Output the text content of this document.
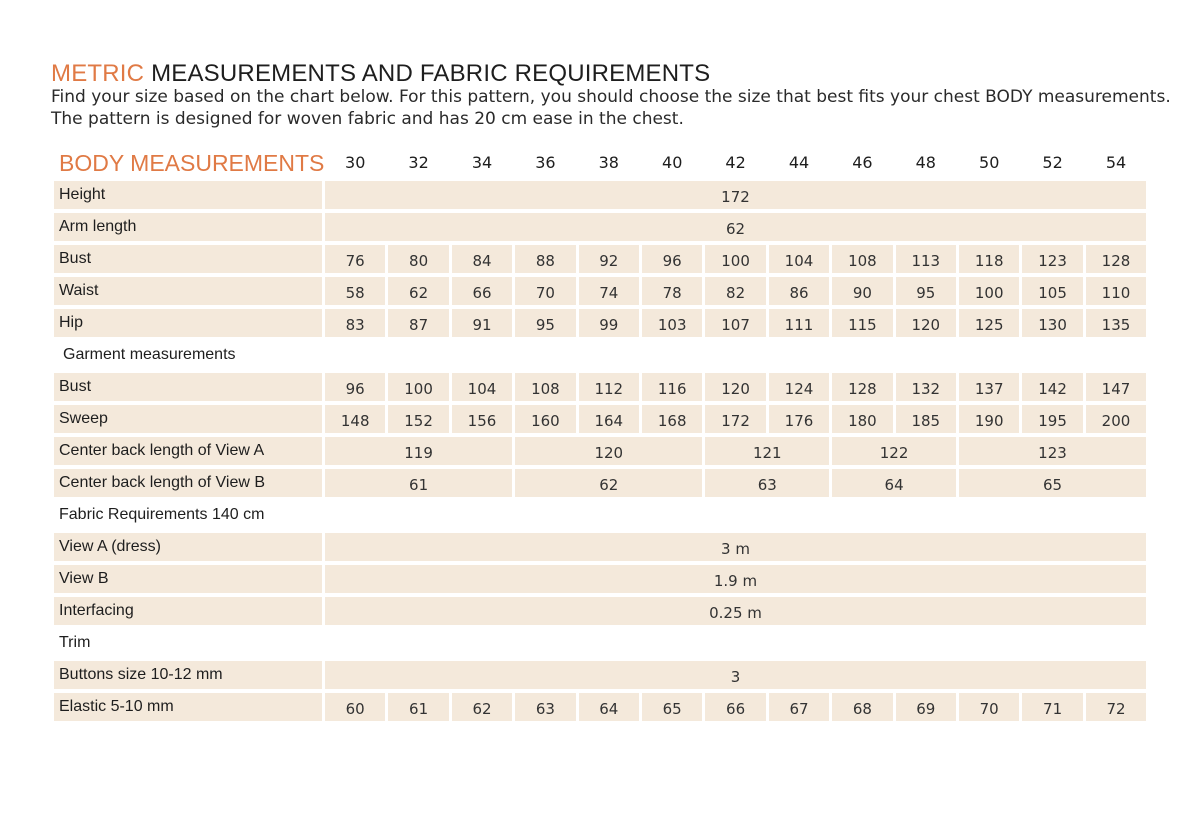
METRIC MEASUREMENTS AND FABRIC REQUIREMENTS
Find your size based on the chart below. For this pattern, you should choose the size that best fits your chest BODY measurements.
The pattern is designed for woven fabric and has 20 cm ease in the chest.
BODY MEASUREMENTS	30	32	34	36	38	40	42	44	46	48	50	52	54
Height	172
Arm length	62
Bust	76	80	84	88	92	96	100	104	108	113	118	123	128
Waist	58	62	66	70	74	78	82	86	90	95	100	105	110
Hip	83	87	91	95	99	103	107	111	115	120	125	130	135
Garment measurements
Bust	96	100	104	108	112	116	120	124	128	132	137	142	147
Sweep	148	152	156	160	164	168	172	176	180	185	190	195	200
Center back length of View A	119	120	121	122	123
Center back length of View B	61	62	63	64	65
Fabric Requirements 140 cm
View A (dress)	3 m
View B	1.9 m
Interfacing	0.25 m
Trim
Buttons size 10-12 mm	3
Elastic 5-10 mm	60	61	62	63	64	65	66	67	68	69	70	71	72
